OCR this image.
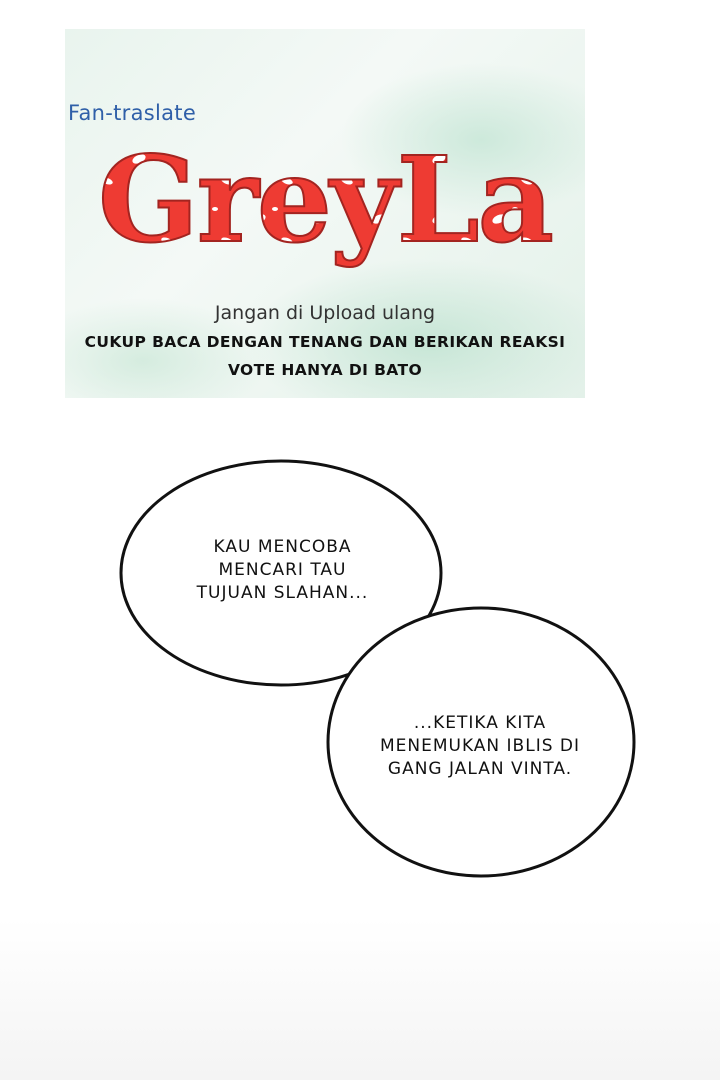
Fan-traslate
GreyLa
Jangan di Upload ulang
CUKUP BACA DENGAN TENANG DAN BERIKAN REAKSI
VOTE HANYA DI BATO
KAU MENCOBA
MENCARI TAU
TUJUAN SLAHAN...
...KETIKA KITA
MENEMUKAN IBLIS DI
GANG JALAN VINTA.
